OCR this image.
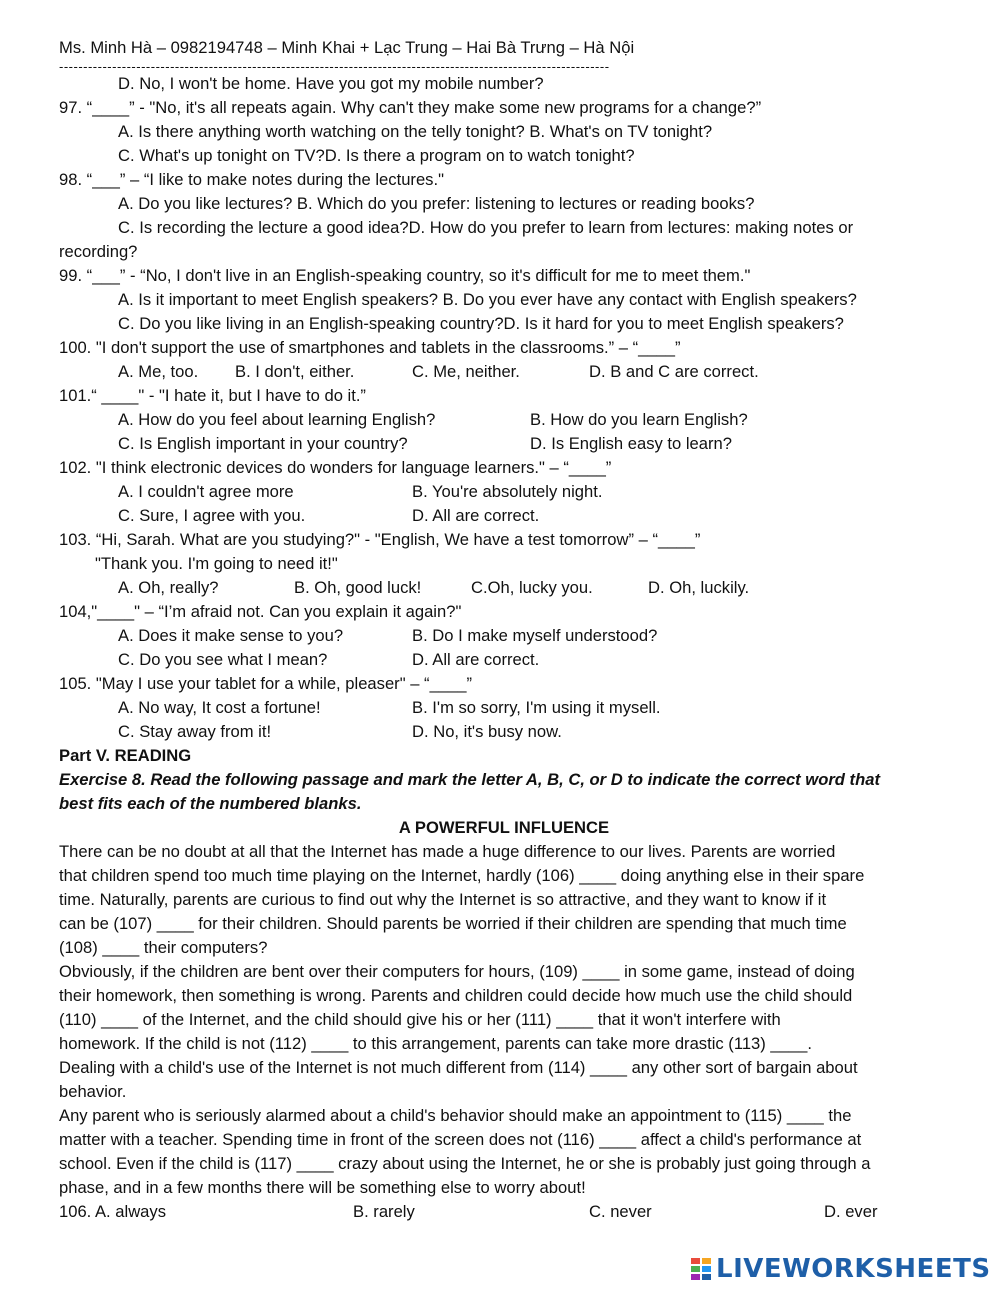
Ms. Minh Hà – 0982194748 – Minh Khai + Lạc Trung – Hai Bà Trưng – Hà Nội
------------------------------------------------------------------------------------------------------------------
D. No, I won't be home. Have you got my mobile number?
97. “____” - "No, it's all repeats again. Why can't they make some new programs for a change?”
A. Is there anything worth watching on the telly tonight? B. What's on TV tonight?
C. What's up tonight on TV?D. Is there a program on to watch tonight?
98. “___” – “I like to make notes during the lectures."
A. Do you like lectures? B. Which do you prefer: listening to lectures or reading books?
C. Is recording the lecture a good idea?D. How do you prefer to learn from lectures: making notes or
recording?
99. “___” - “No, I don't live in an English-speaking country, so it's difficult for me to meet them."
A. Is it important to meet English speakers? B. Do you ever have any contact with English speakers?
C. Do you like living in an English-speaking country?D. Is it hard for you to meet English speakers?
100. "I don't support the use of smartphones and tablets in the classrooms.” – “____”
A. Me, too. B. I don't, either.	C. Me, neither.	D. B and C are correct.
101.“ ____" - "I hate it, but I have to do it.”
A. How do you feel about learning English?	B. How do you learn English?
C. Is English important in your country?	D. Is English easy to learn?
102. "I think electronic devices do wonders for language learners." – “____”
A. I couldn't agree more	B. You're absolutely night.
C. Sure, I agree with you.	D. All are correct.
103. “Hi, Sarah. What are you studying?" - "English, We have a test tomorrow” – “____”
"Thank you. I'm going to need it!"
A. Oh, really?	B. Oh, good luck!	C.Oh, lucky you.	D. Oh, luckily.
104,"____" – “I’m afraid not. Can you explain it again?"
A. Does it make sense to you?	B. Do I make myself understood?
C. Do you see what I mean?	D. All are correct.
105. "May I use your tablet for a while, pleaser" – “____”
A. No way, It cost a fortune!	B. I'm so sorry, I'm using it mysell.
C. Stay away from it!	D. No, it's busy now.
Part V. READING
Exercise 8. Read the following passage and mark the letter A, B, C, or D to indicate the correct word that
best fits each of the numbered blanks.
A POWERFUL INFLUENCE
There can be no doubt at all that the Internet has made a huge difference to our lives. Parents are worried
that children spend too much time playing on the Internet, hardly (106) ____ doing anything else in their spare
time. Naturally, parents are curious to find out why the Internet is so attractive, and they want to know if it
can be (107) ____ for their children. Should parents be worried if their children are spending that much time
(108) ____ their computers?
Obviously, if the children are bent over their computers for hours, (109) ____ in some game, instead of doing
their homework, then something is wrong. Parents and children could decide how much use the child should
(110) ____ of the Internet, and the child should give his or her (111) ____ that it won't interfere with
homework. If the child is not (112) ____ to this arrangement, parents can take more drastic (113) ____.
Dealing with a child's use of the Internet is not much different from (114) ____ any other sort of bargain about
behavior.
Any parent who is seriously alarmed about a child's behavior should make an appointment to (115) ____ the
matter with a teacher. Spending time in front of the screen does not (116) ____ affect a child's performance at
school. Even if the child is (117) ____ crazy about using the Internet, he or she is probably just going through a
phase, and in a few months there will be something else to worry about!
106. A. always	B. rarely	C. never	D. ever
LIVEWORKSHEETS
